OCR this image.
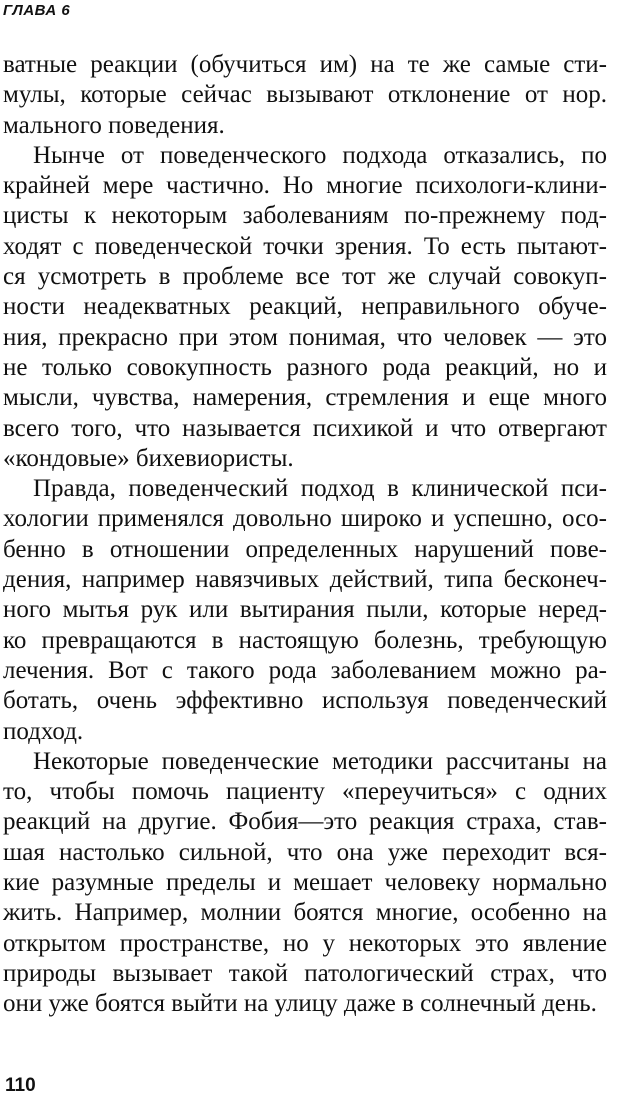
ГЛАВА 6
ватные реакции (обучиться им) на те же самые сти-
мулы, которые сейчас вызывают отклонение от нор.
мального поведения.
Нынче от поведенческого подхода отказались, по
крайней мере частично. Но многие психологи-клини-
цисты к некоторым заболеваниям по-прежнему под-
ходят с поведенческой точки зрения. То есть пытают-
ся усмотреть в проблеме все тот же случай совокуп-
ности неадекватных реакций, неправильного обуче-
ния, прекрасно при этом понимая, что человек — это
не только совокупность разного рода реакций, но и
мысли, чувства, намерения, стремления и еще много
всего того, что называется психикой и что отвергают
«кондовые» бихевиористы.
Правда, поведенческий подход в клинической пси-
хологии применялся довольно широко и успешно, осо-
бенно в отношении определенных нарушений пове-
дения, например навязчивых действий, типа бесконеч-
ного мытья рук или вытирания пыли, которые неред-
ко превращаются в настоящую болезнь, требующую
лечения. Вот с такого рода заболеванием можно ра-
ботать, очень эффективно используя поведенческий
подход.
Некоторые поведенческие методики рассчитаны на
то, чтобы помочь пациенту «переучиться» с одних
реакций на другие. Фобия—это реакция страха, став-
шая настолько сильной, что она уже переходит вся-
кие разумные пределы и мешает человеку нормально
жить. Например, молнии боятся многие, особенно на
открытом пространстве, но у некоторых это явление
природы вызывает такой патологический страх, что
они уже боятся выйти на улицу даже в солнечный день.
110
